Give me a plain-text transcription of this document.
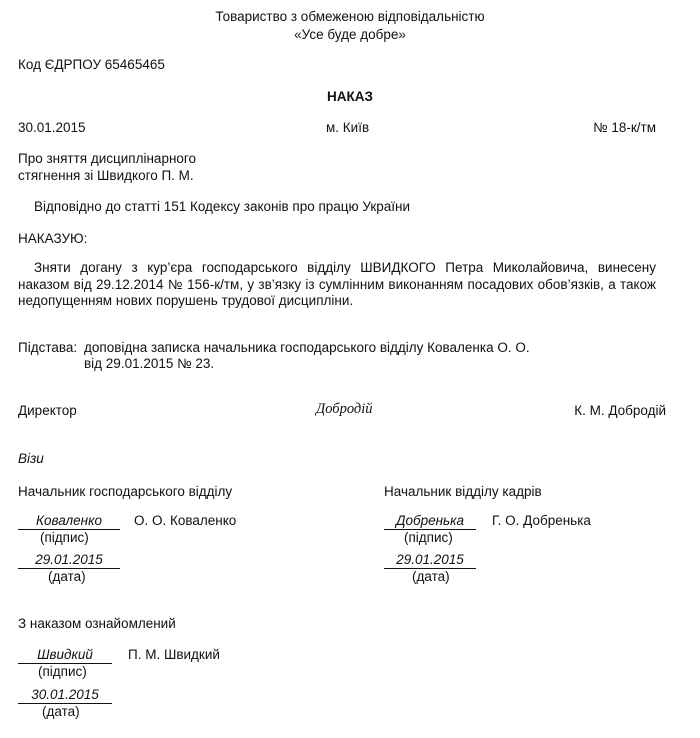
Товариство з обмеженою відповідальністю
«Усе буде добре»
Код ЄДРПОУ 65465465
НАКАЗ
30.01.2015	м. Київ	№ 18-к/тм
Про зняття дисциплінарного
стягнення зі Швидкого П. М.
Відповідно до статті 151 Кодексу законів про працю України
НАКАЗУЮ:
Зняти догану з кур’єра господарського відділу ШВИДКОГО Петра Миколайовича, винесену наказом від 29.12.2014 № 156-к/тм, у зв’язку із сумлінним виконанням посадових обов’язків, а також недопущенням нових порушень трудової дисципліни.
Підстава: доповідна записка начальника господарського відділу Коваленка О. О.
від 29.01.2015 № 23.
Директор	Добродій	К. М. Добродій
Візи
Начальник господарського відділу
Коваленко	О. О. Коваленко
(підпис)
29.01.2015
(дата)
Начальник відділу кадрів
Добренька	Г. О. Добренька
(підпис)
29.01.2015
(дата)
З наказом ознайомлений
Швидкий	П. М. Швидкий
(підпис)
30.01.2015
(дата)
